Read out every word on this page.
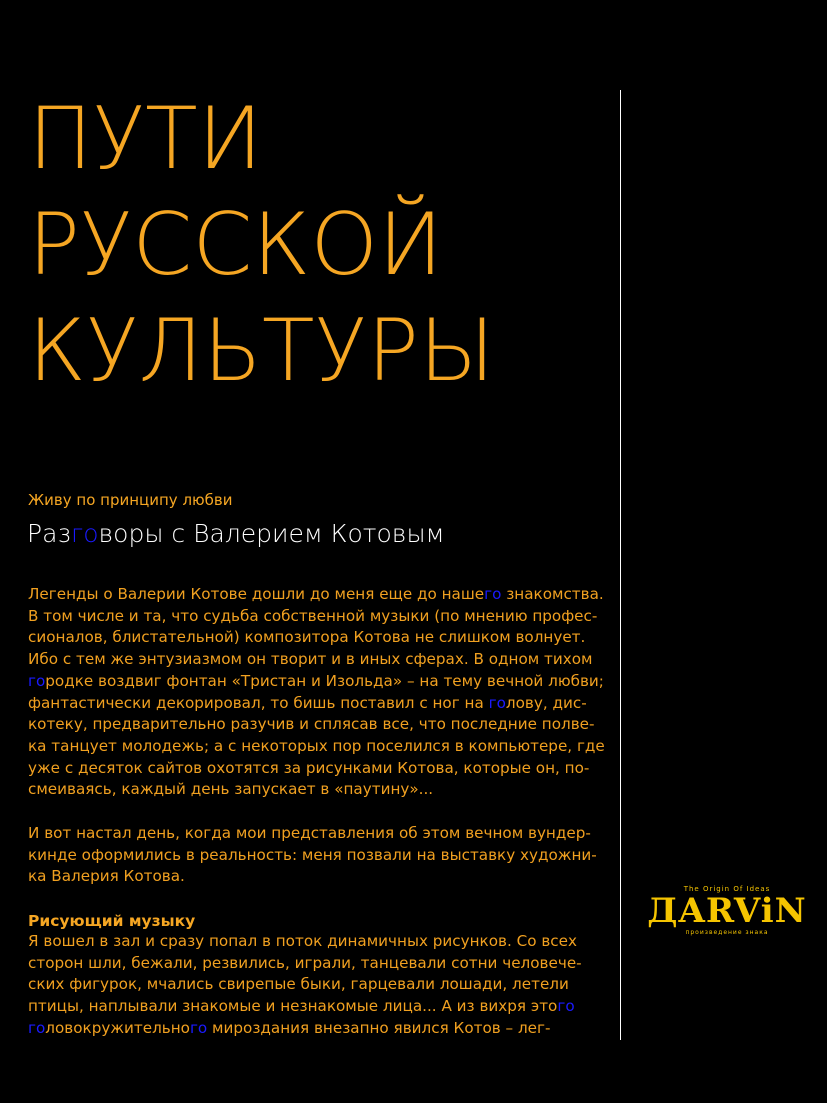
ПУТИ
РУССКОЙ
КУЛЬТУРЫ
Живу по принципу любви
Разговоры с Валерием Котовым
Легенды о Валерии Котове дошли до меня еще до нашего знакомства.
В том числе и та, что судьба собственной музыки (по мнению профес-
сионалов, блистательной) композитора Котова не слишком волнует.
Ибо с тем же энтузиазмом он творит и в иных сферах. В одном тихом
городке воздвиг фонтан «Тристан и Изольда» – на тему вечной любви;
фантастически декорировал, то бишь поставил с ног на голову, дис-
котеку, предварительно разучив и сплясав все, что последние полве-
ка танцует молодежь; а с некоторых пор поселился в компьютере, где
уже с десяток сайтов охотятся за рисунками Котова, которые он, по-
смеиваясь, каждый день запускает в «паутину»...
И вот настал день, когда мои представления об этом вечном вундер-
кинде оформились в реальность: меня позвали на выставку художни-
ка Валерия Котова.
Рисующий музыку
Я вошел в зал и сразу попал в поток динамичных рисунков. Со всех
сторон шли, бежали, резвились, играли, танцевали сотни человече-
ских фигурок, мчались свирепые быки, гарцевали лошади, летели
птицы, наплывали знакомые и незнакомые лица... А из вихря этого
головокружительного мироздания внезапно явился Котов – лег-
The Origin Of Ideas
ДARViN
произведение знака
